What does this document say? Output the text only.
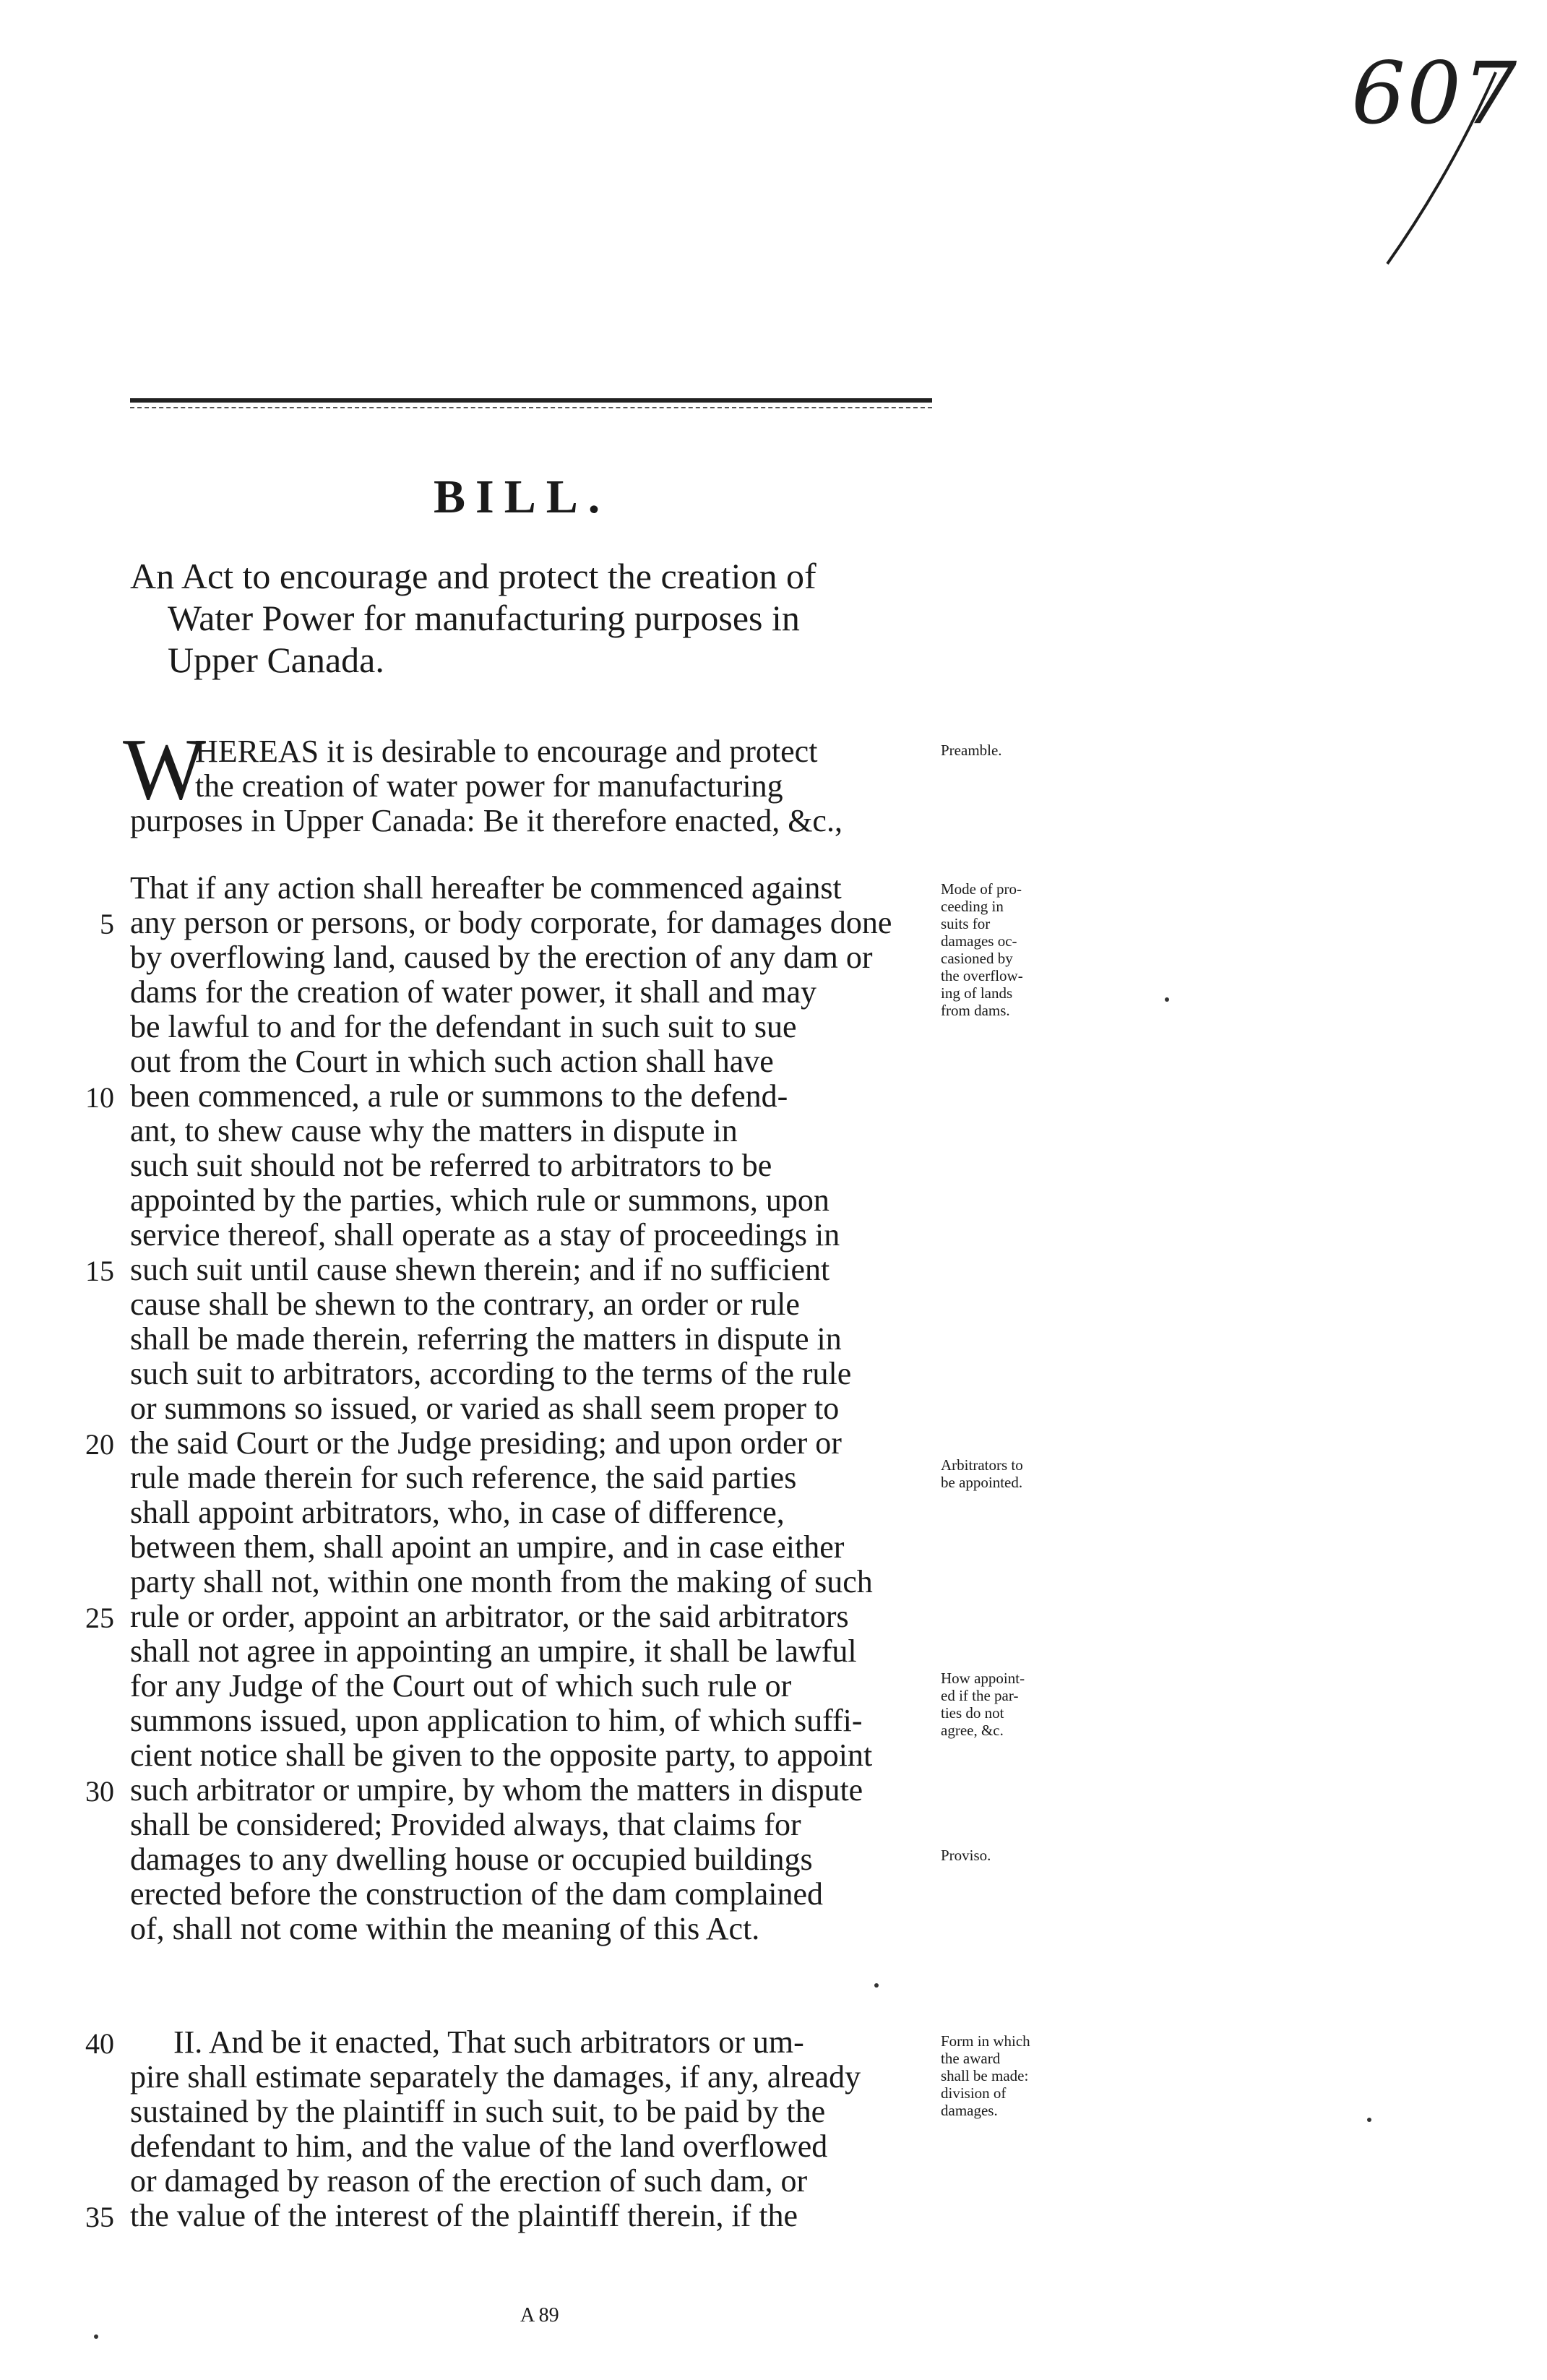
607
BILL.
An Act to encourage and protect the creation of
Water Power for manufacturing purposes in
Upper Canada.
W
HEREAS it is desirable to encourage and protect
the creation of water power for manufacturing
purposes in Upper Canada: Be it therefore enacted, &c.,
Preamble.
That if any action shall hereafter be commenced against
any person or persons, or body corporate, for damages done
by overflowing land, caused by the erection of any dam or
dams for the creation of water power, it shall and may
be lawful to and for the defendant in such suit to sue
out from the Court in which such action shall have
been commenced, a rule or summons to the defend-
ant, to shew cause why the matters in dispute in
such suit should not be referred to arbitrators to be
appointed by the parties, which rule or summons, upon
service thereof, shall operate as a stay of proceedings in
such suit until cause shewn therein; and if no sufficient
cause shall be shewn to the contrary, an order or rule
shall be made therein, referring the matters in dispute in
such suit to arbitrators, according to the terms of the rule
or summons so issued, or varied as shall seem proper to
the said Court or the Judge presiding; and upon order or
rule made therein for such reference, the said parties
shall appoint arbitrators, who, in case of difference,
between them, shall apoint an umpire, and in case either
party shall not, within one month from the making of such
rule or order, appoint an arbitrator, or the said arbitrators
shall not agree in appointing an umpire, it shall be lawful
for any Judge of the Court out of which such rule or
summons issued, upon application to him, of which suffi-
cient notice shall be given to the opposite party, to appoint
such arbitrator or umpire, by whom the matters in dispute
shall be considered; Provided always, that claims for
damages to any dwelling house or occupied buildings
erected before the construction of the dam complained
of, shall not come within the meaning of this Act.
5
10
15
20
25
30
Mode of pro-
ceeding in
suits for
damages oc-
casioned by
the overflow-
ing of lands
from dams.
Arbitrators to
be appointed.
How appoint-
ed if the par-
ties do not
agree, &c.
Proviso.
II. And be it enacted, That such arbitrators or um-
pire shall estimate separately the damages, if any, already
sustained by the plaintiff in such suit, to be paid by the
defendant to him, and the value of the land overflowed
or damaged by reason of the erection of such dam, or
the value of the interest of the plaintiff therein, if the
40
35
Form in which
the award
shall be made:
division of
damages.
A 89
